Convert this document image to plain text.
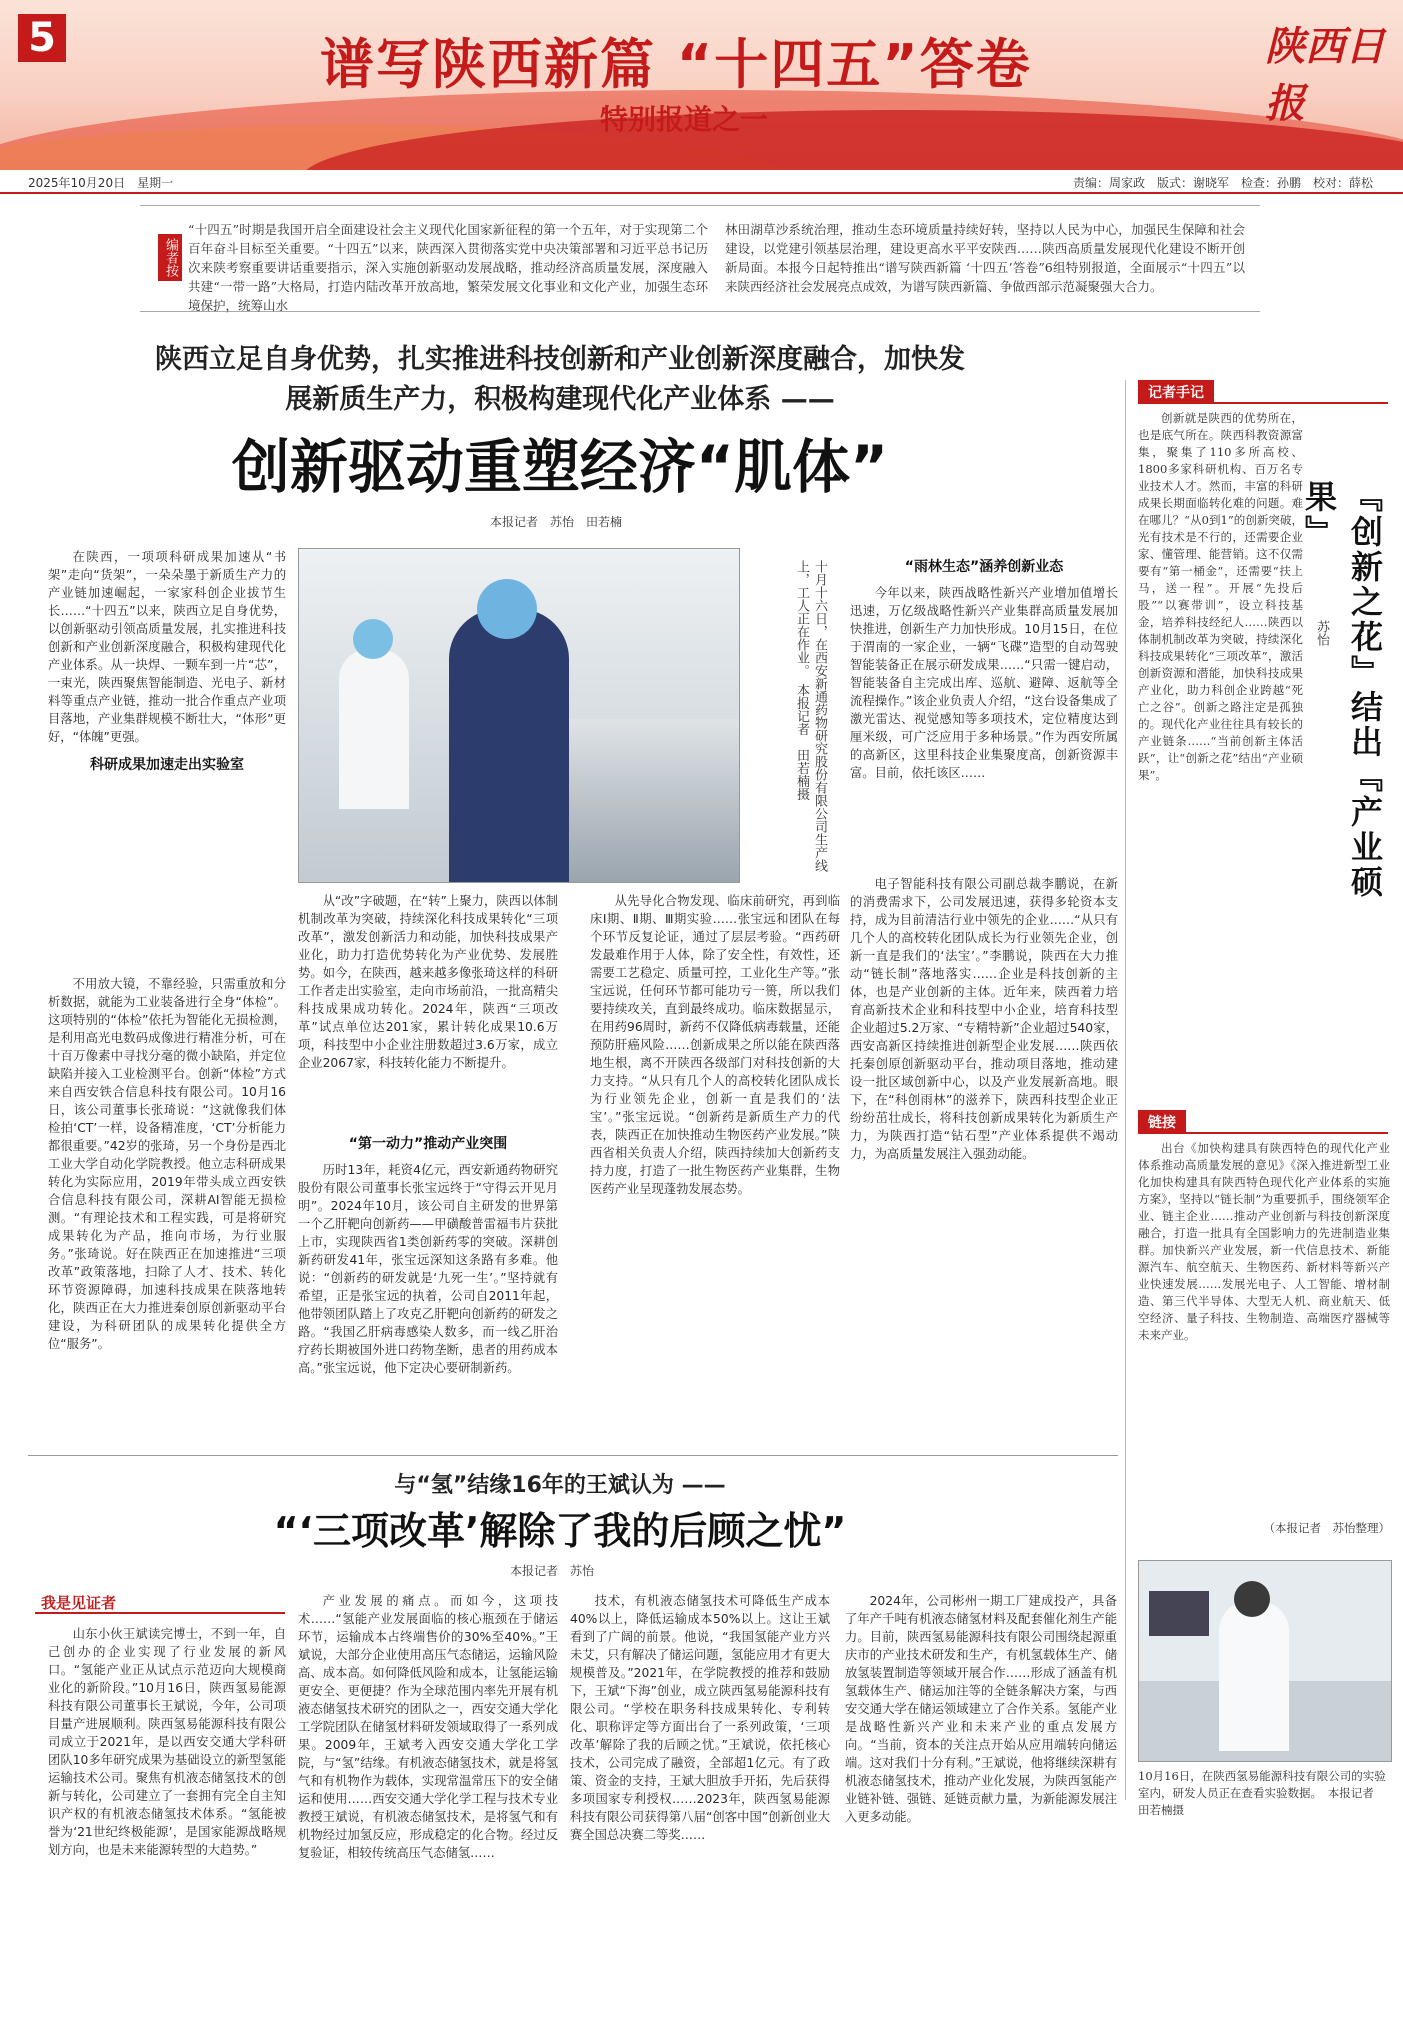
5	谱写陕西新篇 “十四五”答卷
特别报道之一
陕西日报
2025年10月20日　星期一	责编：周家政　版式：谢晓军　检查：孙鹏　校对：薛松
编者按
“十四五”时期是我国开启全面建设社会主义现代化国家新征程的第一个五年，对于实现第二个百年奋斗目标至关重要。“十四五”以来，陕西深入贯彻落实党中央决策部署和习近平总书记历次来陕考察重要讲话重要指示，深入实施创新驱动发展战略，推动经济高质量发展，深度融入共建“一带一路”大格局，打造内陆改革开放高地，繁荣发展文化事业和文化产业，加强生态环境保护，统筹山水
林田湖草沙系统治理，推动生态环境质量持续好转，坚持以人民为中心，加强民生保障和社会建设，以党建引领基层治理，建设更高水平平安陕西……陕西高质量发展现代化建设不断开创新局面。本报今日起特推出“谱写陕西新篇 ‘十四五’答卷”6组特别报道，全面展示“十四五”以来陕西经济社会发展亮点成效，为谱写陕西新篇、争做西部示范凝聚强大合力。
陕西立足自身优势，扎实推进科技创新和产业创新深度融合，加快发展新质生产力，积极构建现代化产业体系 ——
创新驱动重塑经济“肌体”
本报记者　苏怡　田若楠

在陕西，一项项科研成果加速从“书架”走向“货架”，一朵朵墨于新质生产力的产业链加速崛起，一家家科创企业拔节生长……“十四五”以来，陕西立足自身优势，以创新驱动引领高质量发展，扎实推进科技创新和产业创新深度融合，积极构建现代化产业体系。从一块焊、一颗车到一片“芯”，一束光，陕西聚焦智能制造、光电子、新材料等重点产业链，推动一批合作重点产业项目落地，产业集群规模不断壮大，“体形”更好，“体魄”更强。

科研成果加速走出实验室

不用放大镜，不靠经验，只需重放和分析数据，就能为工业装备进行全身“体检”。这项特别的“体检”依托为智能化无损检测，是利用高光电数码成像进行精准分析，可在十百万像素中寻找分毫的微小缺陷，并定位缺陷并接入工业检测平台。创新“体检”方式来自西安铁合信息科技有限公司。10月16日，该公司董事长张琦说：“这就像我们体检拍‘CT’一样，设备精准度，‘CT’分析能力都很重要。”42岁的张琦，另一个身份是西北工业大学自动化学院教授。他立志科研成果转化为实际应用，2019年带头成立西安铁合信息科技有限公司，深耕AI智能无损检测。“有理论技术和工程实践，可是将研究成果转化为产品，推向市场，为行业服务。”张琦说。好在陕西正在加速推进“三项改革”政策落地，扫除了人才、技术、转化环节资源障碍，加速科技成果在陕落地转化，陕西正在大力推进秦创原创新驱动平台建设，为科研团队的成果转化提供全方位“服务”。

十月十六日，在西安新通药物研究股份有限公司生产线上，工人正在作业。　本报记者　田若楠摄

从“改”字破题，在“转”上聚力，陕西以体制机制改革为突破，持续深化科技成果转化“三项改革”，激发创新活力和动能，加快科技成果产业化，助力打造优势转化为产业优势、发展胜势。如今，在陕西，越来越多像张琦这样的科研工作者走出实验室，走向市场前沿，一批高精尖科技成果成功转化。2024年，陕西“三项改革”试点单位达201家，累计转化成果10.6万项，科技型中小企业注册数超过3.6万家，成立企业2067家，科技转化能力不断提升。

“第一动力”推动产业突围

历时13年，耗资4亿元，西安新通药物研究股份有限公司董事长张宝远终于“守得云开见月明”。2024年10月，该公司自主研发的世界第一个乙肝靶向创新药——甲磺酸普雷福韦片获批上市，实现陕西省1类创新药零的突破。深耕创新药研发41年，张宝远深知这条路有多难。他说：“创新药的研发就是‘九死一生’。”坚持就有希望，正是张宝远的执着，公司自2011年起，他带领团队踏上了攻克乙肝靶向创新药的研发之路。“我国乙肝病毒感染人数多，而一线乙肝治疗药长期被国外进口药物垄断，患者的用药成本高。”张宝远说，他下定决心要研制新药。

从先导化合物发现、临床前研究，再到临床Ⅰ期、Ⅱ期、Ⅲ期实验……张宝远和团队在每个环节反复论证，通过了层层考验。“西药研发最难作用于人体，除了安全性，有效性，还需要工艺稳定、质量可控，工业化生产等。”张宝远说，任何环节都可能功亏一篑，所以我们要持续攻关，直到最终成功。临床数据显示，在用药96周时，新药不仅降低病毒载量，还能预防肝癌风险……创新成果之所以能在陕西落地生根，离不开陕西各级部门对科技创新的大力支持。“从只有几个人的高校转化团队成长为行业领先企业，创新一直是我们的‘法宝’。”张宝远说。“创新药是新质生产力的代表，陕西正在加快推动生物医药产业发展。”陕西省相关负责人介绍，陕西持续加大创新药支持力度，打造了一批生物医药产业集群，生物医药产业呈现蓬勃发展态势。

“雨林生态”涵养创新业态

今年以来，陕西战略性新兴产业增加值增长迅速，万亿级战略性新兴产业集群高质量发展加快推进，创新生产力加快形成。10月15日，在位于渭南的一家企业，一辆“飞碟”造型的自动驾驶智能装备正在展示研发成果……“只需一键启动，智能装备自主完成出库、巡航、避障、返航等全流程操作。”该企业负责人介绍，“这台设备集成了激光雷达、视觉感知等多项技术，定位精度达到厘米级，可广泛应用于多种场景。”作为西安所属的高新区，这里科技企业集聚度高，创新资源丰富。目前，依托该区……

电子智能科技有限公司副总裁李鹏说，在新的消费需求下，公司发展迅速，获得多轮资本支持，成为目前清洁行业中领先的企业……“从只有几个人的高校转化团队成长为行业领先企业，创新一直是我们的‘法宝’。”李鹏说，陕西在大力推动“链长制”落地落实……企业是科技创新的主体，也是产业创新的主体。近年来，陕西着力培育高新技术企业和科技型中小企业，培育科技型企业超过5.2万家、“专精特新”企业超过540家，西安高新区持续推进创新型企业发展……陕西依托秦创原创新驱动平台，推动项目落地，推动建设一批区域创新中心，以及产业发展新高地。眼下，在“科创雨林”的滋养下，陕西科技型企业正纷纷茁壮成长，将科技创新成果转化为新质生产力，为陕西打造“钻石型”产业体系提供不竭动力，为高质量发展注入强劲动能。

记者手记

创新就是陕西的优势所在，也是底气所在。陕西科教资源富集，聚集了110多所高校、1800多家科研机构、百万名专业技术人才。然而，丰富的科研成果长期面临转化难的问题。难在哪儿？“从0到1”的创新突破，光有技术是不行的，还需要企业家、懂管理、能营销。这不仅需要有“第一桶金”，还需要“扶上马，送一程”。开展“先投后股”“以赛带训”，设立科技基金，培养科技经纪人……陕西以体制机制改革为突破，持续深化科技成果转化“三项改革”，激活创新资源和潜能，加快科技成果产业化，助力科创企业跨越“死亡之谷”。创新之路注定是孤独的。现代化产业往往具有较长的产业链条……“当前创新主体活跃”，让“创新之花”结出“产业硕果”。

苏怡 『创新之花』结出『产业硕果』
链接

出台《加快构建具有陕西特色的现代化产业体系推动高质量发展的意见》《深入推进新型工业化加快构建具有陕西特色现代化产业体系的实施方案》，坚持以“链长制”为重要抓手，围绕领军企业、链主企业……推动产业创新与科技创新深度融合，打造一批具有全国影响力的先进制造业集群。加快新兴产业发展，新一代信息技术、新能源汽车、航空航天、生物医药、新材料等新兴产业快速发展……发展光电子、人工智能、增材制造、第三代半导体、大型无人机、商业航天、低空经济、量子科技、生物制造、高端医疗器械等未来产业。

（本报记者　苏怡整理）
10月16日，在陕西氢易能源科技有限公司的实验室内，研发人员正在查看实验数据。　本报记者　田若楠摄
与“氢”结缘16年的王斌认为 ——
“‘三项改革’解除了我的后顾之忧”
本报记者　苏怡
我是见证者

山东小伙王斌读完博士，不到一年，自己创办的企业实现了行业发展的新风口。“氢能产业正从试点示范迈向大规模商业化的新阶段。”10月16日，陕西氢易能源科技有限公司董事长王斌说，今年，公司项目量产进展顺利。陕西氢易能源科技有限公司成立于2021年，是以西安交通大学科研团队10多年研究成果为基础设立的新型氢能运输技术公司。聚焦有机液态储氢技术的创新与转化，公司建立了一套拥有完全自主知识产权的有机液态储氢技术体系。“氢能被誉为‘21世纪终极能源’，是国家能源战略规划方向，也是未来能源转型的大趋势。”

产业发展的痛点。而如今，这项技术……“氢能产业发展面临的核心瓶颈在于储运环节，运输成本占终端售价的30%至40%。”王斌说，大部分企业使用高压气态储运，运输风险高、成本高。如何降低风险和成本，让氢能运输更安全、更便捷？作为全球范围内率先开展有机液态储氢技术研究的团队之一，西安交通大学化工学院团队在储氢材料研发领域取得了一系列成果。2009年，王斌考入西安交通大学化工学院，与“氢”结缘。有机液态储氢技术，就是将氢气和有机物作为载体，实现常温常压下的安全储运和使用……西安交通大学化学工程与技术专业教授王斌说，有机液态储氢技术，是将氢气和有机物经过加氢反应，形成稳定的化合物。经过反复验证，相较传统高压气态储氢……

技术，有机液态储氢技术可降低生产成本40%以上，降低运输成本50%以上。这让王斌看到了广阔的前景。他说，“我国氢能产业方兴未艾，只有解决了储运问题，氢能应用才有更大规模普及。”2021年，在学院教授的推荐和鼓励下，王斌“下海”创业，成立陕西氢易能源科技有限公司。“学校在职务科技成果转化、专利转化、职称评定等方面出台了一系列政策，‘三项改革’解除了我的后顾之忧。”王斌说，依托核心技术，公司完成了融资，全部超1亿元。有了政策、资金的支持，王斌大胆放手开拓，先后获得多项国家专利授权……2023年，陕西氢易能源科技有限公司获得第八届“创客中国”创新创业大赛全国总决赛二等奖……

2024年，公司彬州一期工厂建成投产，具备了年产千吨有机液态储氢材料及配套催化剂生产能力。目前，陕西氢易能源科技有限公司围绕起源重庆市的产业技术研发和生产，有机氢载体生产、储放氢装置制造等领域开展合作……形成了涵盖有机氢载体生产、储运加注等的全链条解决方案，与西安交通大学在储运领域建立了合作关系。氢能产业是战略性新兴产业和未来产业的重点发展方向。“当前，资本的关注点开始从应用端转向储运端。这对我们十分有利。”王斌说，他将继续深耕有机液态储氢技术，推动产业化发展，为陕西氢能产业链补链、强链、延链贡献力量，为新能源发展注入更多动能。
